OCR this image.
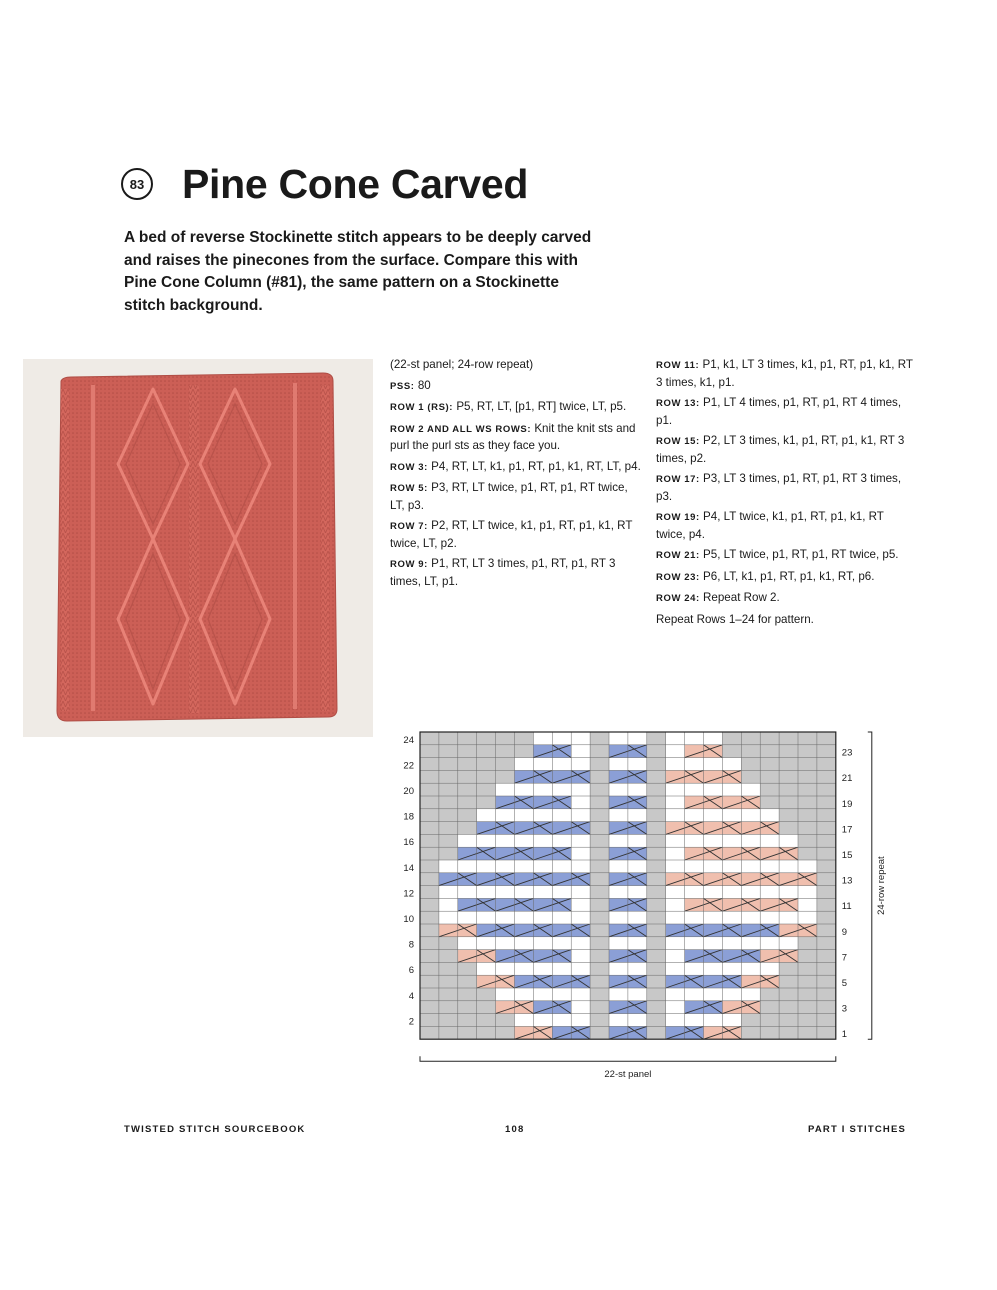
83 Pine Cone Carved

A bed of reverse Stockinette stitch appears to be deeply carved and raises the pinecones from the surface. Compare this with Pine Cone Column (#81), the same pattern on a Stockinette stitch background.

(22-st panel; 24-row repeat)

PSS: 80

ROW 1 (RS): P5, RT, LT, [p1, RT] twice, LT, p5.

ROW 2 AND ALL WS ROWS: Knit the knit sts and purl the purl sts as they face you.

ROW 3: P4, RT, LT, k1, p1, RT, p1, k1, RT, LT, p4.

ROW 5: P3, RT, LT twice, p1, RT, p1, RT twice, LT, p3.

ROW 7: P2, RT, LT twice, k1, p1, RT, p1, k1, RT twice, LT, p2.

ROW 9: P1, RT, LT 3 times, p1, RT, p1, RT 3 times, LT, p1.

ROW 11: P1, k1, LT 3 times, k1, p1, RT, p1, k1, RT 3 times, k1, p1.

ROW 13: P1, LT 4 times, p1, RT, p1, RT 4 times, p1.

ROW 15: P2, LT 3 times, k1, p1, RT, p1, k1, RT 3 times, p2.

ROW 17: P3, LT 3 times, p1, RT, p1, RT 3 times, p3.

ROW 19: P4, LT twice, k1, p1, RT, p1, k1, RT twice, p4.

ROW 21: P5, LT twice, p1, RT, p1, RT twice, p5.

ROW 23: P6, LT, k1, p1, RT, p1, k1, RT, p6.

ROW 24: Repeat Row 2.

Repeat Rows 1–24 for pattern.

2
4
6
8
10
12
14
16
18
20
22
24
1
3
5
7
9
11
13
15
17
19
21
23
24-row repeat
22-st panel
TWISTED STITCH SOURCEBOOK	108	PART I STITCHES
